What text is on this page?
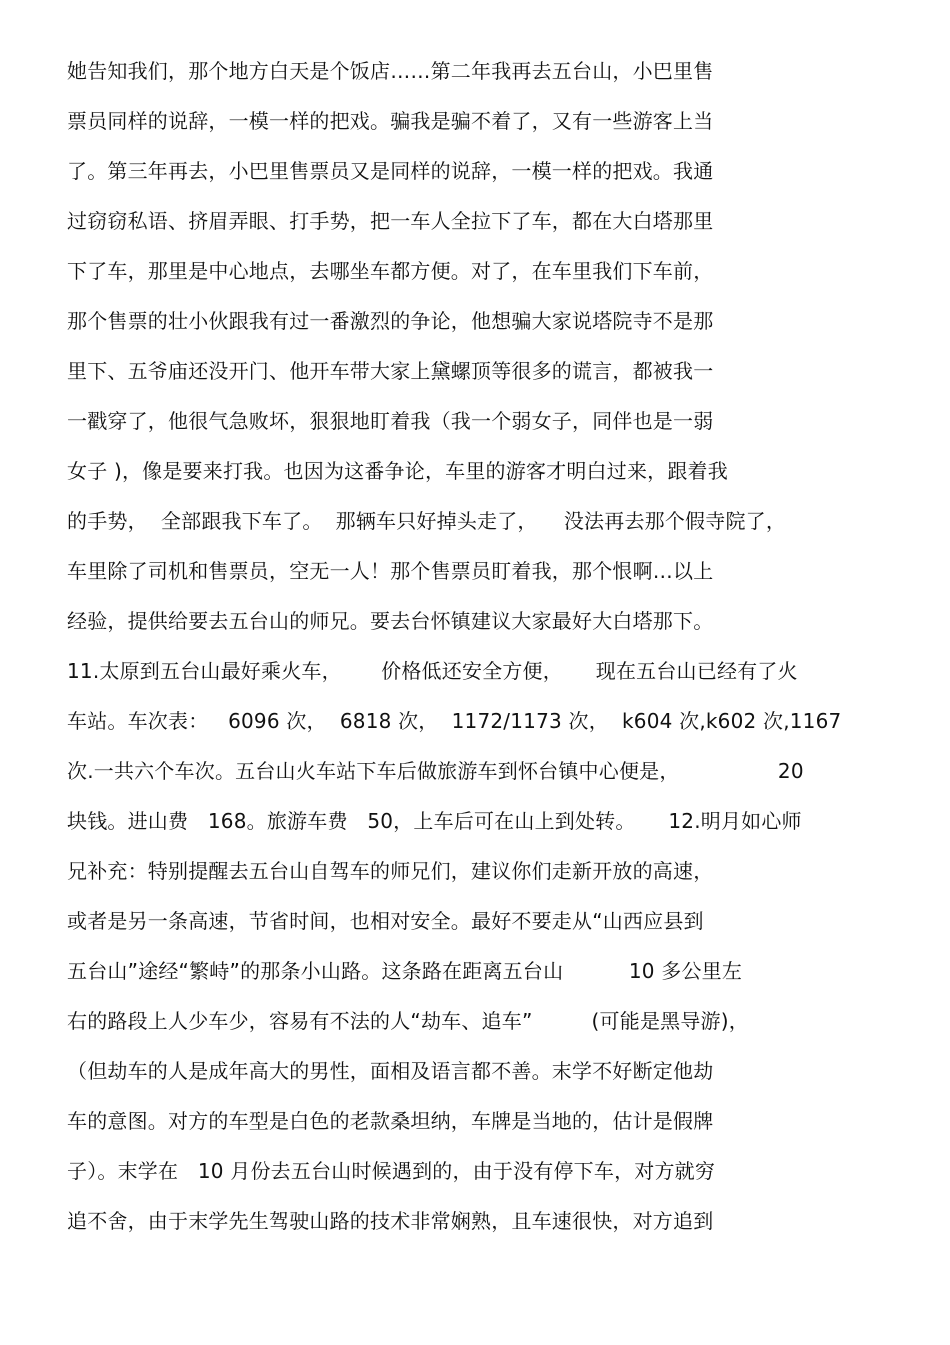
她告知我们，那个地方白天是个饭店……第二年我再去五台山，小巴里售
票员同样的说辞，一模一样的把戏。骗我是骗不着了，又有一些游客上当
了。第三年再去，小巴里售票员又是同样的说辞，一模一样的把戏。我通
过窃窃私语、挤眉弄眼、打手势，把一车人全拉下了车，都在大白塔那里
下了车，那里是中心地点，去哪坐车都方便。对了，在车里我们下车前，
那个售票的壮小伙跟我有过一番激烈的争论，他想骗大家说塔院寺不是那
里下、五爷庙还没开门、他开车带大家上黛螺顶等很多的谎言，都被我一
一戳穿了，他很气急败坏，狠狠地盯着我（我一个弱女子，同伴也是一弱
女子 )，像是要来打我。也因为这番争论，车里的游客才明白过来，跟着我
的手势，  全部跟我下车了。  那辆车只好掉头走了，    没法再去那个假寺院了，
车里除了司机和售票员，空无一人！那个售票员盯着我，那个恨啊…以上
经验，提供给要去五台山的师兄。要去台怀镇建议大家最好大白塔那下。
11.太原到五台山最好乘火车，      价格低还安全方便，     现在五台山已经有了火
车站。车次表：   6096 次，  6818 次，  1172/1173 次，  k604 次,k602 次,1167
次.一共六个车次。五台山火车站下车后做旅游车到怀台镇中心便是，               20
块钱。进山费   168。旅游车费   50，上车后可在山上到处转。     12.明月如心师
兄补充：特别提醒去五台山自驾车的师兄们，建议你们走新开放的高速，
或者是另一条高速，节省时间，也相对安全。最好不要走从“山西应县到
五台山”途经“繁峙”的那条小山路。这条路在距离五台山          10 多公里左
右的路段上人少车少，容易有不法的人“劫车、追车”         (可能是黑导游)，
（但劫车的人是成年高大的男性，面相及语言都不善。末学不好断定他劫
车的意图。对方的车型是白色的老款桑坦纳，车牌是当地的，估计是假牌
子）。末学在   10 月份去五台山时候遇到的，由于没有停下车，对方就穷
追不舍，由于末学先生驾驶山路的技术非常娴熟，且车速很快，对方追到
